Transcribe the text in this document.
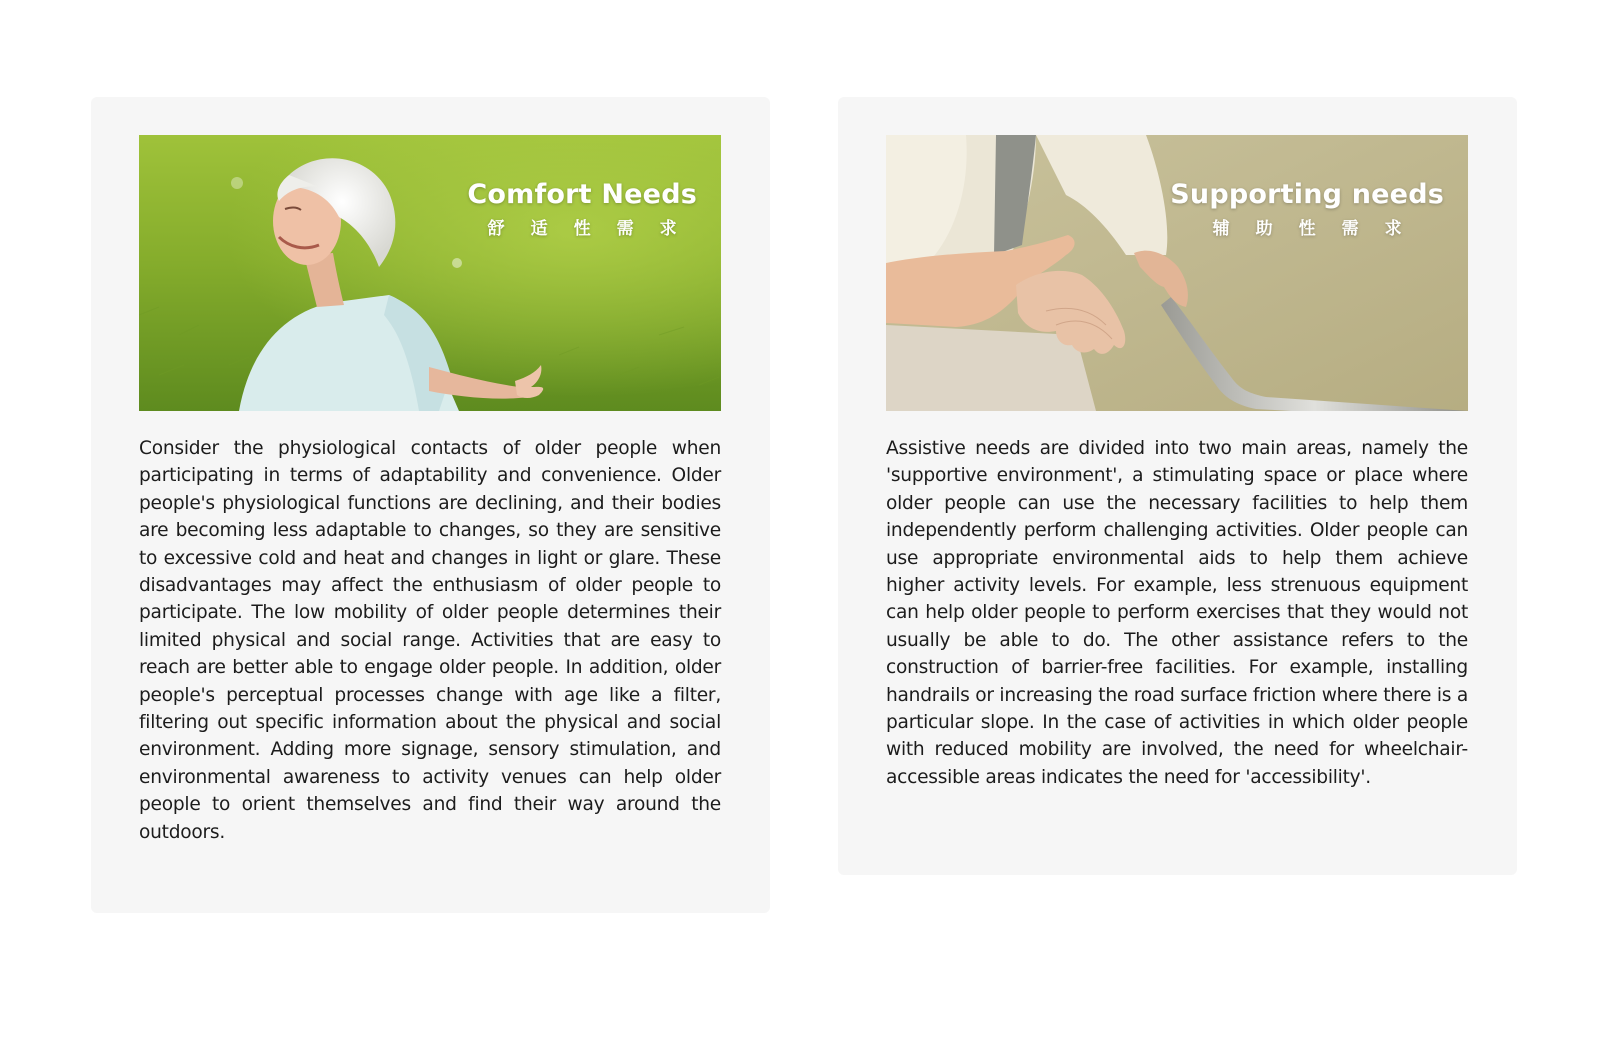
Comfort Needs
舒适性需求

Consider the physiological contacts of older people when participating in terms of adaptability and convenience. Older people's physiological functions are declining, and their bodies are becoming less adaptable to changes, so they are sensitive to excessive cold and heat and changes in light or glare. These disadvantages may affect the enthusiasm of older people to participate. The low mobility of older people determines their limited physical and social range. Activities that are easy to reach are better able to engage older people. In addition, older people's perceptual processes change with age like a filter, filtering out specific information about the physical and social environment. Adding more signage, sensory stimulation, and environmental awareness to activity venues can help older people to orient themselves and find their way around the outdoors.

Supporting needs
辅助性需求

Assistive needs are divided into two main areas, namely the 'supportive environment', a stimulating space or place where older people can use the necessary facilities to help them independently perform challenging activities. Older people can use appropriate environmental aids to help them achieve higher activity levels. For example, less strenuous equipment can help older people to perform exercises that they would not usually be able to do. The other assistance refers to the construction of barrier-free facilities. For example, installing handrails or increasing the road surface friction where there is a particular slope. In the case of activities in which older people with reduced mobility are involved, the need for wheelchair-accessible areas indicates the need for 'accessibility'.
